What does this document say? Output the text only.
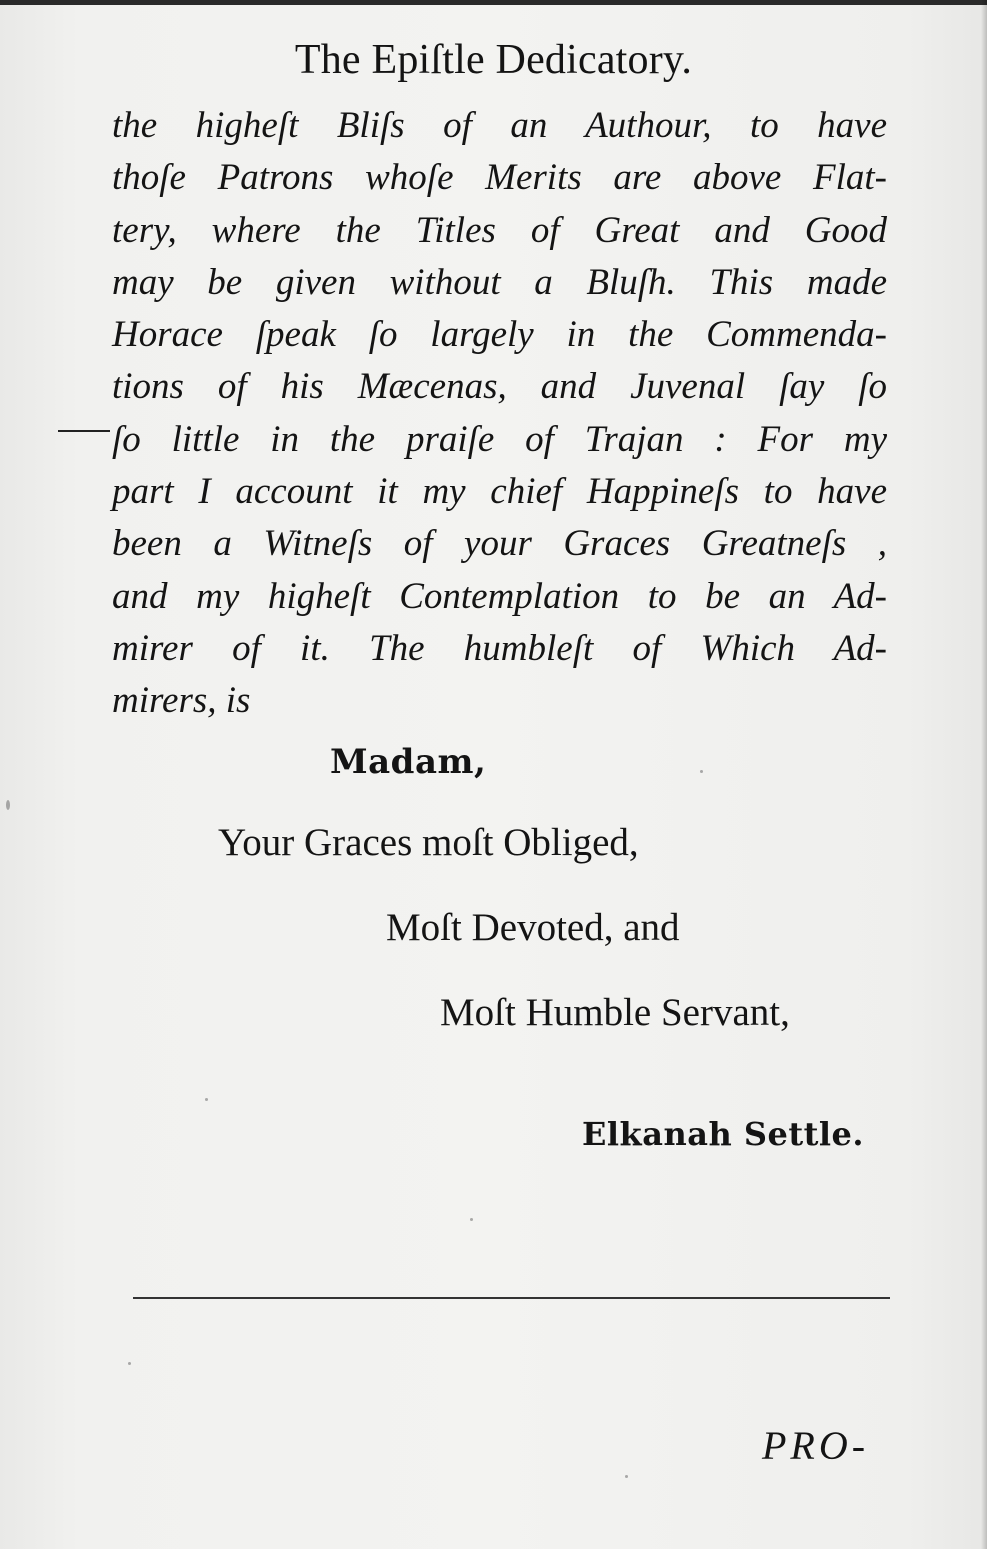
The Epiſtle Dedicatory.
the higheſt Bliſs of an Authour, to have
thoſe Patrons whoſe Merits are above Flat-
tery, where the Titles of Great and Good
may be given without a Bluſh. This made
Horace ſpeak ſo largely in the Commenda-
tions of his Mæcenas, and Juvenal ſay ſo
ſo little in the praiſe of Trajan : For my
part I account it my chief Happineſs to have
been a Witneſs of your Graces Greatneſs ,
and my higheſt Contemplation to be an Ad-
mirer of it. The humbleſt of Which Ad-
mirers, is
Madam,
Your Graces moſt Obliged,
Moſt Devoted, and
Moſt Humble Servant,
Elkanah Settle.
PRO-
